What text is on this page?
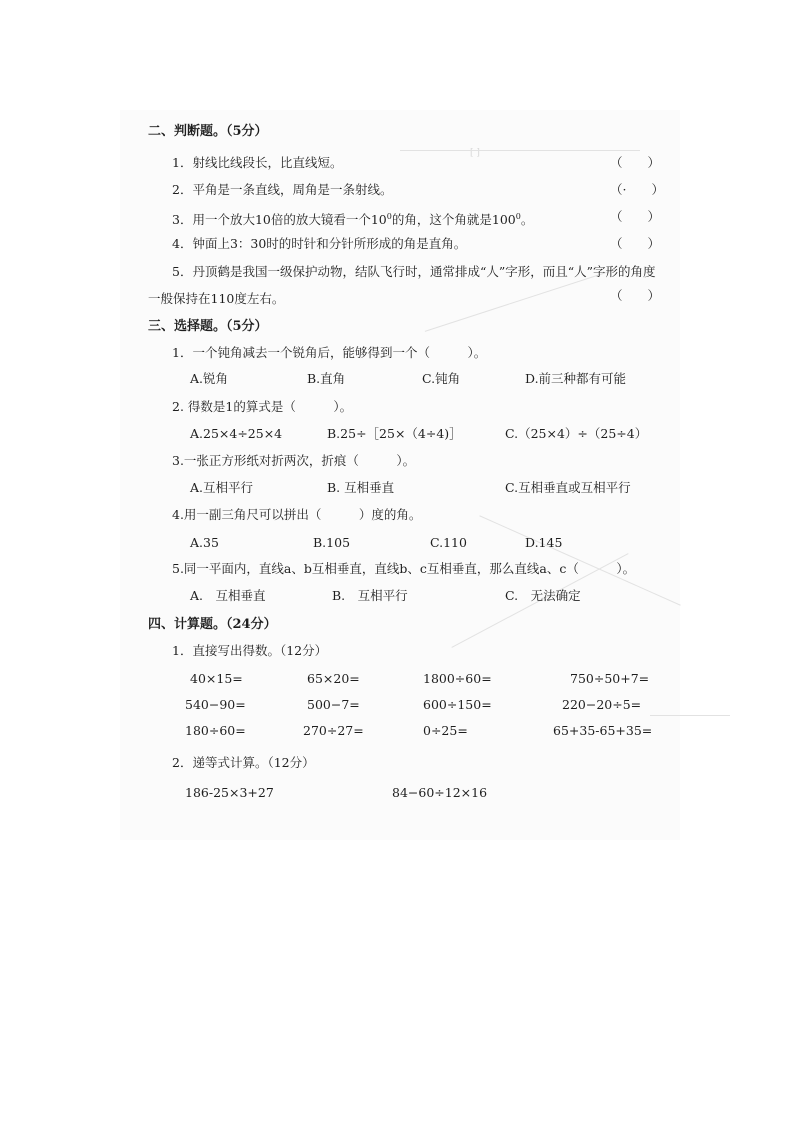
[ ]
二、判断题。（5分）
1．射线比线段长，比直线短。	（　　）
2．平角是一条直线，周角是一条射线。	（·　　）
3．用一个放大10倍的放大镜看一个$10^0$的角，这个角就是$100^0$。	（　　）
4．钟面上3：30时的时针和分针所形成的角是直角。	（　　）
5．丹顶鹤是我国一级保护动物，结队飞行时，通常排成“人”字形，而且“人”字形的角度
一般保持在110度左右。	（　　）
三、选择题。（5分）
1．一个钝角减去一个锐角后，能够得到一个（　　　）。
A.锐角	B.直角	C.钝角	D.前三种都有可能
2. 得数是1的算式是（　　　）。
A.25×4÷25×4	B.25÷［25×（4÷4)］	C.（25×4）÷（25÷4）
3.一张正方形纸对折两次，折痕（　　　）。
A.互相平行	B. 互相垂直	C.互相垂直或互相平行
4.用一副三角尺可以拼出（　　　）度的角。
A.35	B.105	C.110	D.145
5.同一平面内，直线a、b互相垂直，直线b、c互相垂直，那么直线a、c（　　　）。
A.　互相垂直	B.　互相平行	C.　无法确定
四、计算题。（24分）
1．直接写出得数。（12分）
40×15=	65×20=	1800÷60=	750÷50+7=
540−90=	500−7=	600÷150=	220−20÷5=
180÷60=	270÷27=	0÷25=	65+35-65+35=
2．递等式计算。（12分）
186-25×3+27	84−60÷12×16
